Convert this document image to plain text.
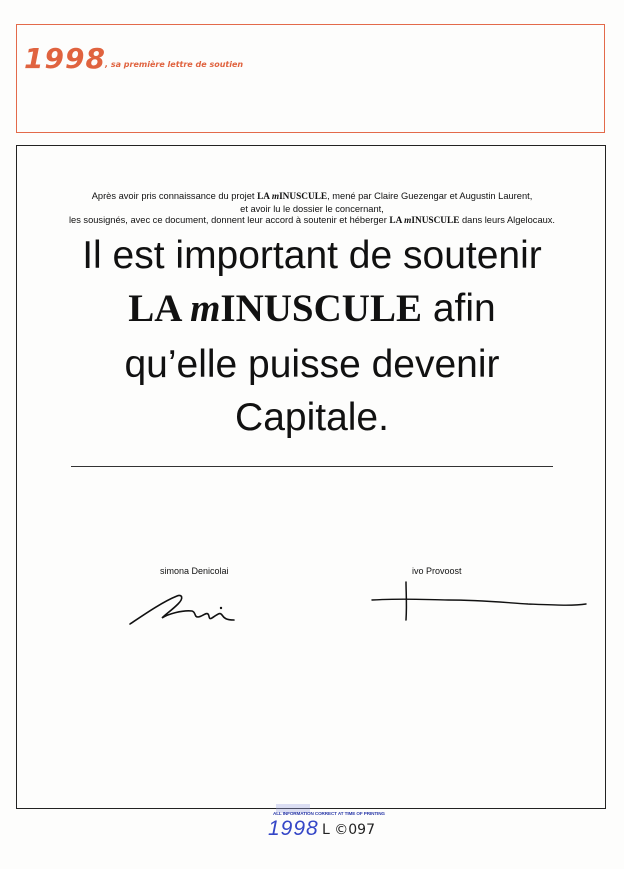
1998 , sa première lettre de soutien
Après avoir pris connaissance du projet LA mINUSCULE, mené par Claire Guezengar et Augustin Laurent,
et avoir lu le dossier le concernant,
les sousignés, avec ce document, donnent leur accord à soutenir et héberger LA mINUSCULE dans leurs Algelocaux.
Il est important de soutenir
LA mINUSCULE afin
qu’elle puisse devenir
Capitale.
simona Denicolai	ivo Provoost
ALL INFORMATION CORRECT AT TIME OF PRINTING
1998 L ©097
